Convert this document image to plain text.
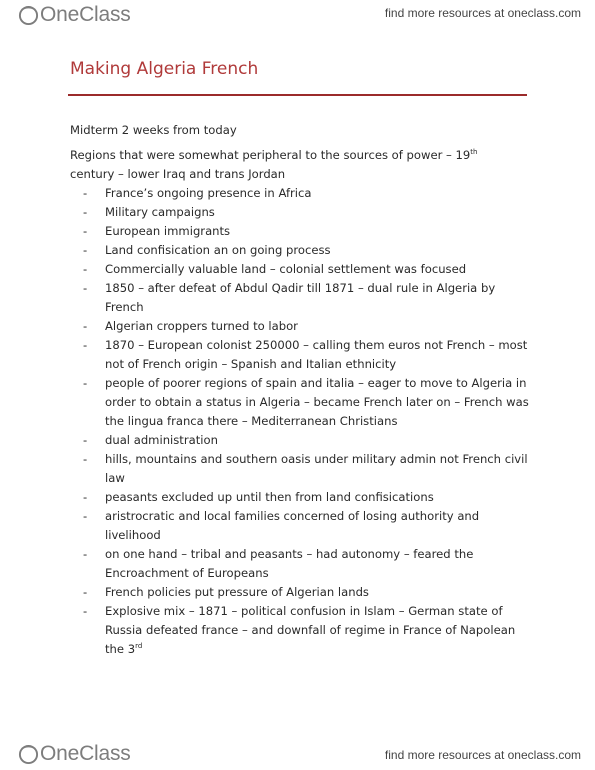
OneClass	find more resources at oneclass.com
Making Algeria French

Midterm 2 weeks from today

Regions that were somewhat peripheral to the sources of power – 19th
century – lower Iraq and trans Jordan

- France’s ongoing presence in Africa
- Military campaigns
- European immigrants
- Land confisication an on going process
- Commercially valuable land – colonial settlement was focused
- 1850 – after defeat of Abdul Qadir till 1871 – dual rule in Algeria by French
- Algerian croppers turned to labor
- 1870 – European colonist 250000 – calling them euros not French – most not of French origin – Spanish and Italian ethnicity
- people of poorer regions of spain and italia – eager to move to Algeria in order to obtain a status in Algeria – became French later on – French was the lingua franca there – Mediterranean Christians
- dual administration
- hills, mountains and southern oasis under military admin not French civil law
- peasants excluded up until then from land confisications
- aristrocratic and local families concerned of losing authority and livelihood
- on one hand – tribal and peasants – had autonomy – feared the Encroachment of Europeans
- French policies put pressure of Algerian lands
- Explosive mix – 1871 – political confusion in Islam – German state of Russia defeated france – and downfall of regime in France of Napolean the 3rd
OneClass	find more resources at oneclass.com
